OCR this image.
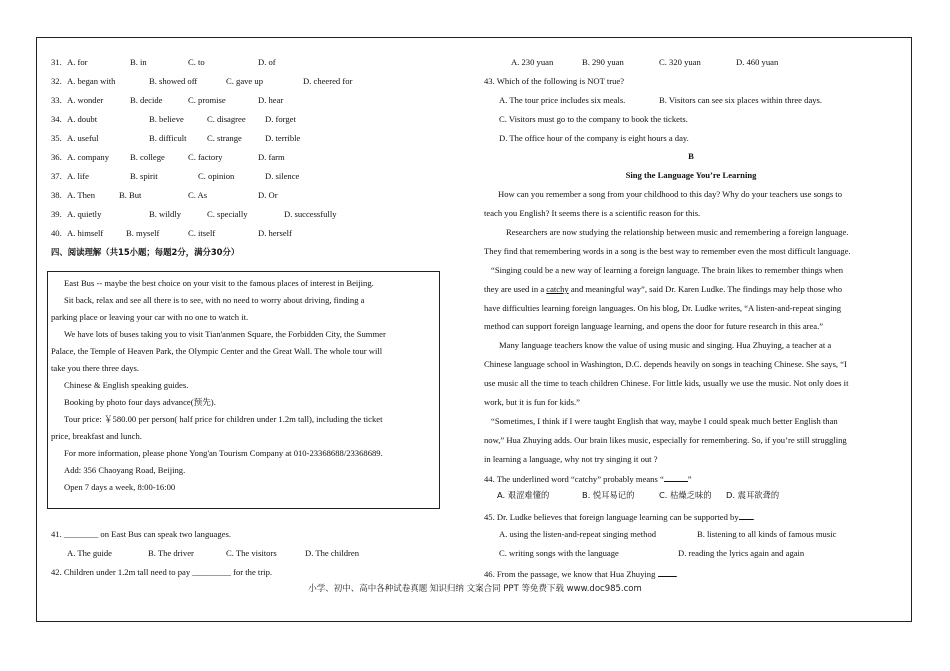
31. A. for	B. in	C. to	D. of
32. A. began with	B. showed off	C. gave up	D. cheered for
33. A. wonder	B. decide	C. promise	D. hear
34. A. doubt	B. believe	C. disagree D. forget
35. A. useful	B. difficult C. strange	D. terrible
36. A. company B. college	C. factory	D. farm
37. A. life	B. spirit	C. opinion	D. silence
38. A. Then	B. But	C. As	D. Or
39. A. quietly	B. wildly	C. specially	D. successfully
40. A. himself	B. myself	C. itself	D. herself
四、阅读理解（共15小题；每题2分，满分30分）
East Bus -- maybe the best choice on your visit to the famous places of interest in Beijing.
Sit back, relax and see all there is to see, with no need to worry about driving, finding a
parking place or leaving your car with no one to watch it.
We have lots of buses taking you to visit Tian'anmen Square, the Forbidden City, the Summer
Palace, the Temple of Heaven Park, the Olympic Center and the Great Wall. The whole tour will
take you there three days.
Chinese & English speaking guides.
Booking by photo four days advance(预先).
Tour price: ￥580.00 per person( half price for children under 1.2m tall), including the ticket
price, breakfast and lunch.
For more information, please phone Yong'an Tourism Company at 010-23368688/23368689.
Add: 356 Chaoyang Road, Beijing.
Open 7 days a week, 8:00-16:00
41. ________ on East Bus can speak two languages.
A. The guide	B. The driver	C. The visitors	D. The children
42. Children under 1.2m tall need to pay _________ for the trip.
A. 230 yuan	B. 290 yuan	C. 320 yuan	D. 460 yuan
43. Which of the following is NOT true?
A. The tour price includes six meals.	B. Visitors can see six places within three days.
C. Visitors must go to the company to book the tickets.
D. The office hour of the company is eight hours a day.
B
Sing the Language You’re Learning
How can you remember a song from your childhood to this day? Why do your teachers use songs to
teach you English? It seems there is a scientific reason for this.
Researchers are now studying the relationship between music and remembering a foreign language.
They find that remembering words in a song is the best way to remember even the most difficult language.
“Singing could be a new way of learning a foreign language. The brain likes to remember things when
they are used in a catchy and meaningful way”, said Dr. Karen Ludke. The findings may help those who
have difficulties learning foreign languages. On his blog, Dr. Ludke writes, “A listen-and-repeat singing
method can support foreign language learning, and opens the door for future research in this area.”
Many language teachers know the value of using music and singing. Hua Zhuying, a teacher at a
Chinese language school in Washington, D.C. depends heavily on songs in teaching Chinese. She says, “I
use music all the time to teach children Chinese. For little kids, usually we use the music. Not only does it
work, but it is fun for kids.”
“Sometimes, I think if I were taught English that way, maybe I could speak much better English than
now,” Hua Zhuying adds. Our brain likes music, especially for remembering. So, if you’re still struggling
in learning a language, why not try singing it out ?
44. The underlined word “catchy” probably means “	”
A. 艰涩难懂的	B. 悦耳易记的	C. 枯燥乏味的 D. 震耳欲聋的
45. Dr. Ludke believes that foreign language learning can be supported by .
A. using the listen-and-repeat singing method	B. listening to all kinds of famous music
C. writing songs with the language	D. reading the lyrics again and again
46. From the passage, we know that Hua Zhuying .
小学、初中、高中各种试卷真题 知识归纳 文案合同 PPT 等免费下载 www.doc985.com
